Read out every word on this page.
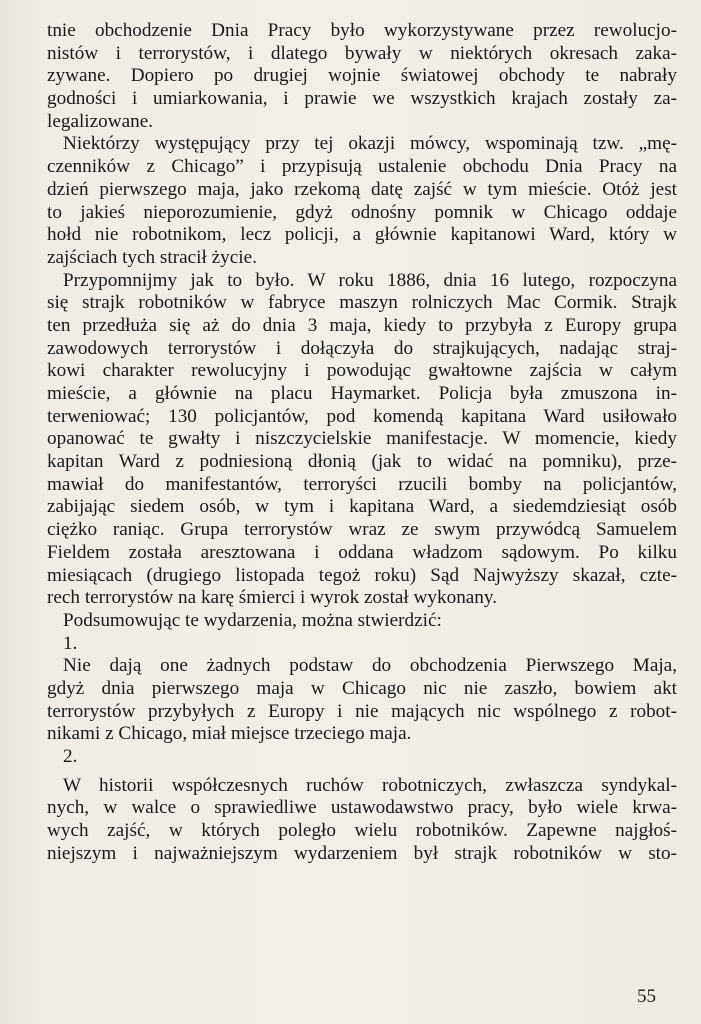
tnie obchodzenie Dnia Pracy było wykorzystywane przez rewolucjo-
nistów i terrorystów, i dlatego bywały w niektórych okresach zaka-
zywane. Dopiero po drugiej wojnie światowej obchody te nabrały
godności i umiarkowania, i prawie we wszystkich krajach zostały za-
legalizowane.
Niektórzy występujący przy tej okazji mówcy, wspominają tzw. „mę-
czenników z Chicago” i przypisują ustalenie obchodu Dnia Pracy na
dzień pierwszego maja, jako rzekomą datę zajść w tym mieście. Otóż jest
to jakieś nieporozumienie, gdyż odnośny pomnik w Chicago oddaje
hołd nie robotnikom, lecz policji, a głównie kapitanowi Ward, który w
zajściach tych stracił życie.
Przypomnijmy jak to było. W roku 1886, dnia 16 lutego, rozpoczyna
się strajk robotników w fabryce maszyn rolniczych Mac Cormik. Strajk
ten przedłuża się aż do dnia 3 maja, kiedy to przybyła z Europy grupa
zawodowych terrorystów i dołączyła do strajkujących, nadając straj-
kowi charakter rewolucyjny i powodując gwałtowne zajścia w całym
mieście, a głównie na placu Haymarket. Policja była zmuszona in-
terweniować; 130 policjantów, pod komendą kapitana Ward usiłowało
opanować te gwałty i niszczycielskie manifestacje. W momencie, kiedy
kapitan Ward z podniesioną dłonią (jak to widać na pomniku), prze-
mawiał do manifestantów, terroryści rzucili bomby na policjantów,
zabijając siedem osób, w tym i kapitana Ward, a siedemdziesiąt osób
ciężko raniąc. Grupa terrorystów wraz ze swym przywódcą Samuelem
Fieldem została aresztowana i oddana władzom sądowym. Po kilku
miesiącach (drugiego listopada tegoż roku) Sąd Najwyższy skazał, czte-
rech terrorystów na karę śmierci i wyrok został wykonany.
Podsumowując te wydarzenia, można stwierdzić:
1.
Nie dają one żadnych podstaw do obchodzenia Pierwszego Maja,
gdyż dnia pierwszego maja w Chicago nic nie zaszło, bowiem akt
terrorystów przybyłych z Europy i nie mających nic wspólnego z robot-
nikami z Chicago, miał miejsce trzeciego maja.
2.
W historii współczesnych ruchów robotniczych, zwłaszcza syndykal-
nych, w walce o sprawiedliwe ustawodawstwo pracy, było wiele krwa-
wych zajść, w których poległo wielu robotników. Zapewne najgłoś-
niejszym i najważniejszym wydarzeniem był strajk robotników w sto-
55
